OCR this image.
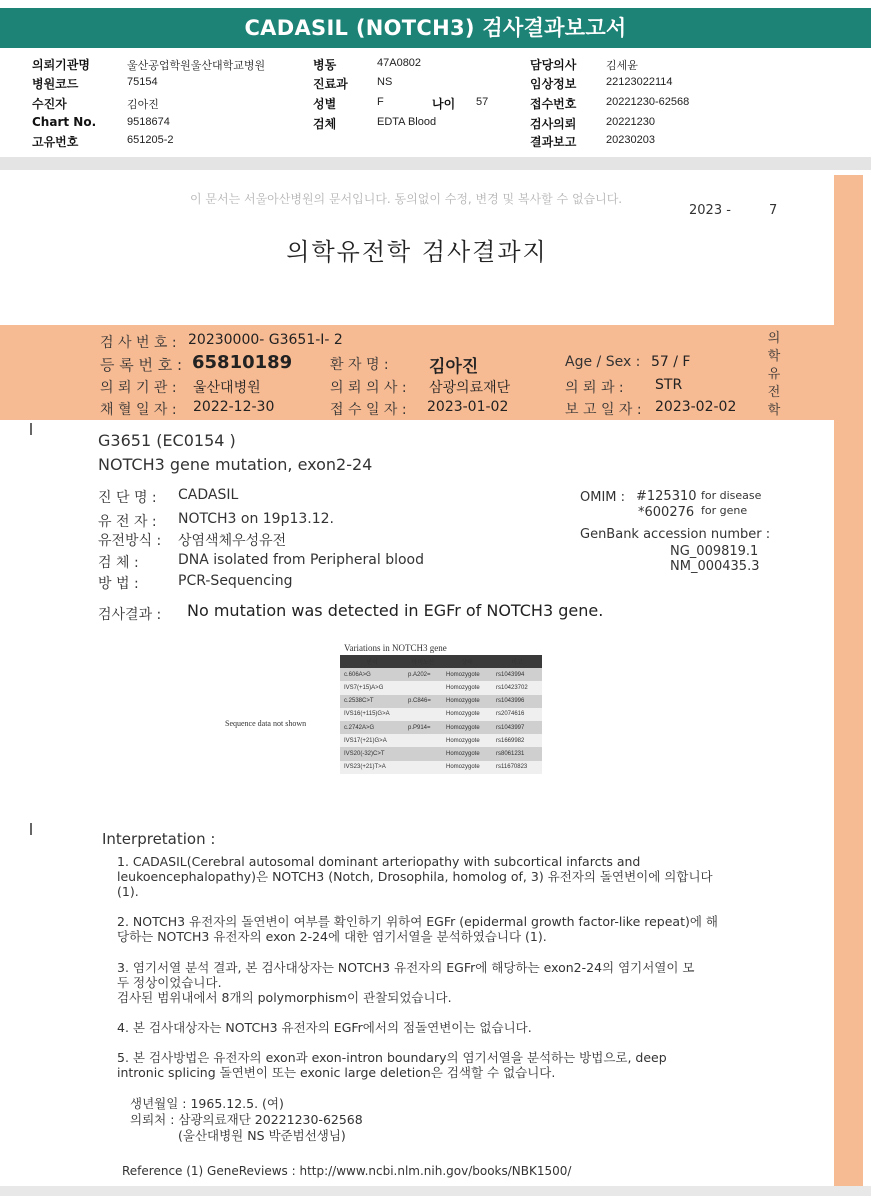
CADASIL (NOTCH3) 검사결과보고서
의뢰기관명	울산공업학원울산대학교병원
병원코드	75154
수진자	김아진
Chart No.	9518674
고유번호	651205-2
병동	47A0802
진료과	NS
성별	F	나이 57
검체	EDTA Blood
담당의사	김세윤
임상정보	22123022114
접수번호	20221230-62568
검사의뢰	20221230
결과보고	20230203
이 문서는 서울아산병원의 문서입니다. 동의없이 수정, 변경 및 복사할 수 없습니다.
2023 -	7
의학유전학 검사결과지
의
학
유
전
학
검 사 번 호 : 20230000- G3651-I- 2
등 록 번 호 : 65810189	환 자 명 : 김아진	Age / Sex : 57 / F
의 뢰 기 관 : 울산대병원	의 뢰 의 사 : 삼광의료재단	의 뢰 과 : STR
채 혈 일 자 : 2022-12-30	접 수 일 자 : 2023-01-02	보 고 일 자 : 2023-02-02
G3651 (EC0154 )
NOTCH3 gene mutation, exon2-24
진 단 명 : CADASIL
유 전 자 : NOTCH3 on 19p13.12.
유전방식 : 상염색체우성유전
검 체 :	DNA isolated from Peripheral blood
방 법 :	PCR-Sequencing
OMIM : #125310 for disease
*600276 for gene
GenBank accession number :
NG_009819.1
NM_000435.3
검사결과 : No mutation was detected in EGFr of NOTCH3 gene.
Variations in NOTCH3 gene
Sequence data not shown
변이	아미노산	상태	비고
c.606A>G	p.A202=	Homozygote	rs1043994
IVS7(+15)A>G		Homozygote	rs10423702
c.2538C>T	p.C846=	Homozygote	rs1043996
IVS16(+115)G>A		Homozygote	rs2074616
c.2742A>G	p.P914=	Homozygote	rs1043997
IVS17(+21)G>A		Homozygote	rs1669982
IVS20(-32)C>T		Homozygote	rs8061231
IVS23(+21)T>A		Homozygote	rs11670823
Interpretation :
1. CADASIL(Cerebral autosomal dominant arteriopathy with subcortical infarcts and
leukoencephalopathy)은 NOTCH3 (Notch, Drosophila, homolog of, 3) 유전자의 돌연변이에 의합니다
(1).
2. NOTCH3 유전자의 돌연변이 여부를 확인하기 위하여 EGFr (epidermal growth factor-like repeat)에 해
당하는 NOTCH3 유전자의 exon 2-24에 대한 염기서열을 분석하였습니다 (1).
3. 염기서열 분석 결과, 본 검사대상자는 NOTCH3 유전자의 EGFr에 해당하는 exon2-24의 염기서열이 모
두 정상이었습니다.
검사된 범위내에서 8개의 polymorphism이 관찰되었습니다.
4. 본 검사대상자는 NOTCH3 유전자의 EGFr에서의 점돌연변이는 없습니다.
5. 본 검사방법은 유전자의 exon과 exon-intron boundary의 염기서열을 분석하는 방법으로, deep
intronic splicing 돌연변이 또는 exonic large deletion은 검색할 수 없습니다.
생년월일 : 1965.12.5. (여)
의뢰처 : 삼광의료재단 20221230-62568
(울산대병원 NS 박준범선생님)
Reference (1) GeneReviews : http://www.ncbi.nlm.nih.gov/books/NBK1500/
